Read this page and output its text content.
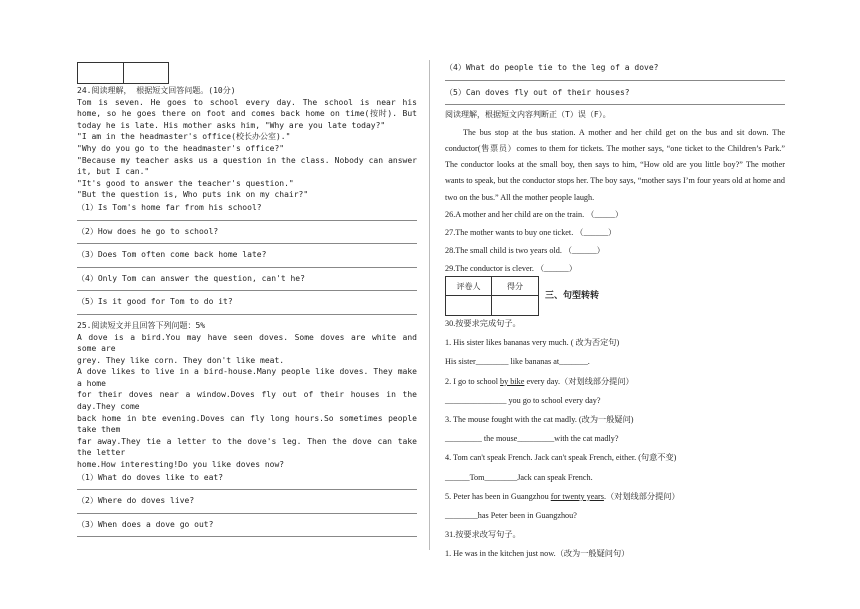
24.阅读理解， 根据短文回答问题。(10分)

Tom is seven. He goes to school every day. The school is near his home, so he goes there on foot and comes back home on time(按时). But today he is late. His mother asks him, "Why are you late today?"

"I am in the headmaster's office(校长办公室)."

"Why do you go to the headmaster's office?"

"Because my teacher asks us a question in the class. Nobody can answer it, but I can."

"It's good to answer the teacher's question."

"But the question is, Who puts ink on my chair?"

（1）Is Tom's home far from his school?

（2）How does he go to school?

（3）Does Tom often come back home late?

（4）Only Tom can answer the question, can't he?

（5）Is it good for Tom to do it?

25.阅读短文并且回答下列问题：5%

A dove is a bird.You may have seen doves. Some doves are white and some are

grey. They like corn. They don't like meat.

A dove likes to live in a bird-house.Many people like doves. They make a home

for their doves near a window.Doves fly out of their houses in the day.They come

back home in bte evening.Doves can fly long hours.So sometimes people take them

far away.They tie a letter to the dove's leg. Then the dove can take the letter

home.How interesting!Do you like doves now?

（1）What do doves like to eat?

（2）Where do doves live?

（3）When does a dove go out?

（4）What do people tie to the leg of a dove?

（5）Can doves fly out of their houses?

阅读理解，根据短文内容判断正（T）误（F）。

The bus stop at the bus station. A mother and her child get on the bus and sit down. The conductor(售票员）comes to them for tickets. The mother says, “one ticket to the Children’s Park.” The conductor looks at the small boy, then says to him, “How old are you little boy?” The mother wants to speak, but the conductor stops her. The boy says, “mother says I’m four years old at home and two on the bus.” All the mother people laugh.

26.A mother and her child are on the train. （_____）

27.The mother wants to buy one ticket. （______）

28.The small child is two years old. （______）

29.The conductor is clever. （______）

评卷人	得分
三、句型转转

30.按要求完成句子。

1. His sister likes bananas very much. ( 改为否定句)

His sister________ like bananas at_______.

2. I go to school by bike every day.（对划线部分提问）

_______________ you go to school every day?

3. The mouse fought with the cat madly. (改为一般疑问)

_________ the mouse_________with the cat madly?

4. Tom can't speak French. Jack can't speak French, either. (句意不变)

______Tom________Jack can speak French.

5. Peter has been in Guangzhou for twenty years.（对划线部分提问）

________has Peter been in Guangzhou?

31.按要求改写句子。

1. He was in the kitchen just now.（改为一般疑问句）
